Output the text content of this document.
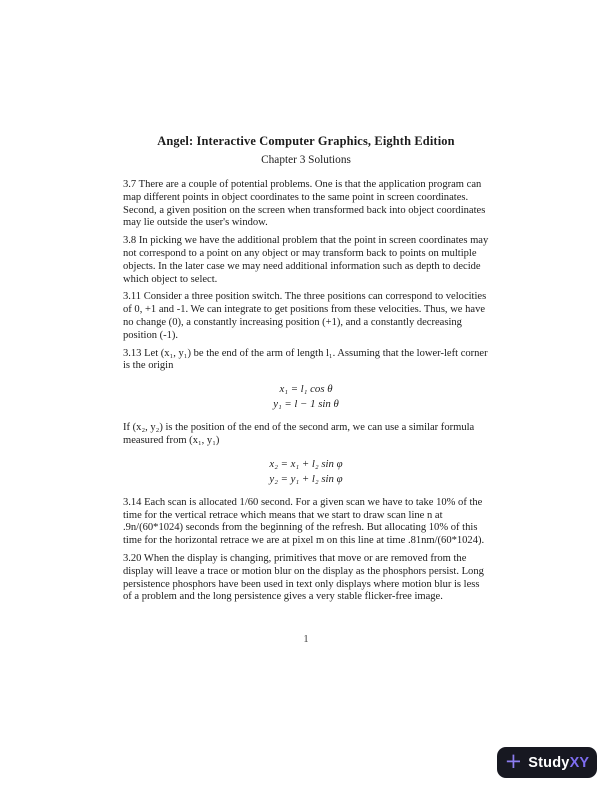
Angel: Interactive Computer Graphics, Eighth Edition
Chapter 3 Solutions

3.7 There are a couple of potential problems. One is that the application program can map different points in object coordinates to the same point in screen coordinates. Second, a given position on the screen when transformed back into object coordinates may lie outside the user's window.

3.8 In picking we have the additional problem that the point in screen coordinates may not correspond to a point on any object or may transform back to points on multiple objects. In the later case we may need additional information such as depth to decide which object to select.

3.11 Consider a three position switch. The three positions can correspond to velocities of 0, +1 and -1. We can integrate to get positions from these velocities. Thus, we have no change (0), a constantly increasing position (+1), and a constantly decreasing position (-1).

3.13 Let (x₁, y₁) be the end of the arm of length l₁. Assuming that the lower-left corner is the origin

x₁ = l₁ cos θ
y₁ = l − 1 sin θ

If (x₂, y₂) is the position of the end of the second arm, we can use a similar formula measured from (x₁, y₁)

x₂ = x₁ + l₂ sin φ
y₂ = y₁ + l₂ sin φ

3.14 Each scan is allocated 1/60 second. For a given scan we have to take 10% of the time for the vertical retrace which means that we start to draw scan line n at .9n/(60*1024) seconds from the beginning of the refresh. But allocating 10% of this time for the horizontal retrace we are at pixel m on this line at time .81nm/(60*1024).

3.20 When the display is changing, primitives that move or are removed from the display will leave a trace or motion blur on the display as the phosphors persist. Long persistence phosphors have been used in text only displays where motion blur is less of a problem and the long persistence gives a very stable flicker-free image.

1
+ StudyXY
